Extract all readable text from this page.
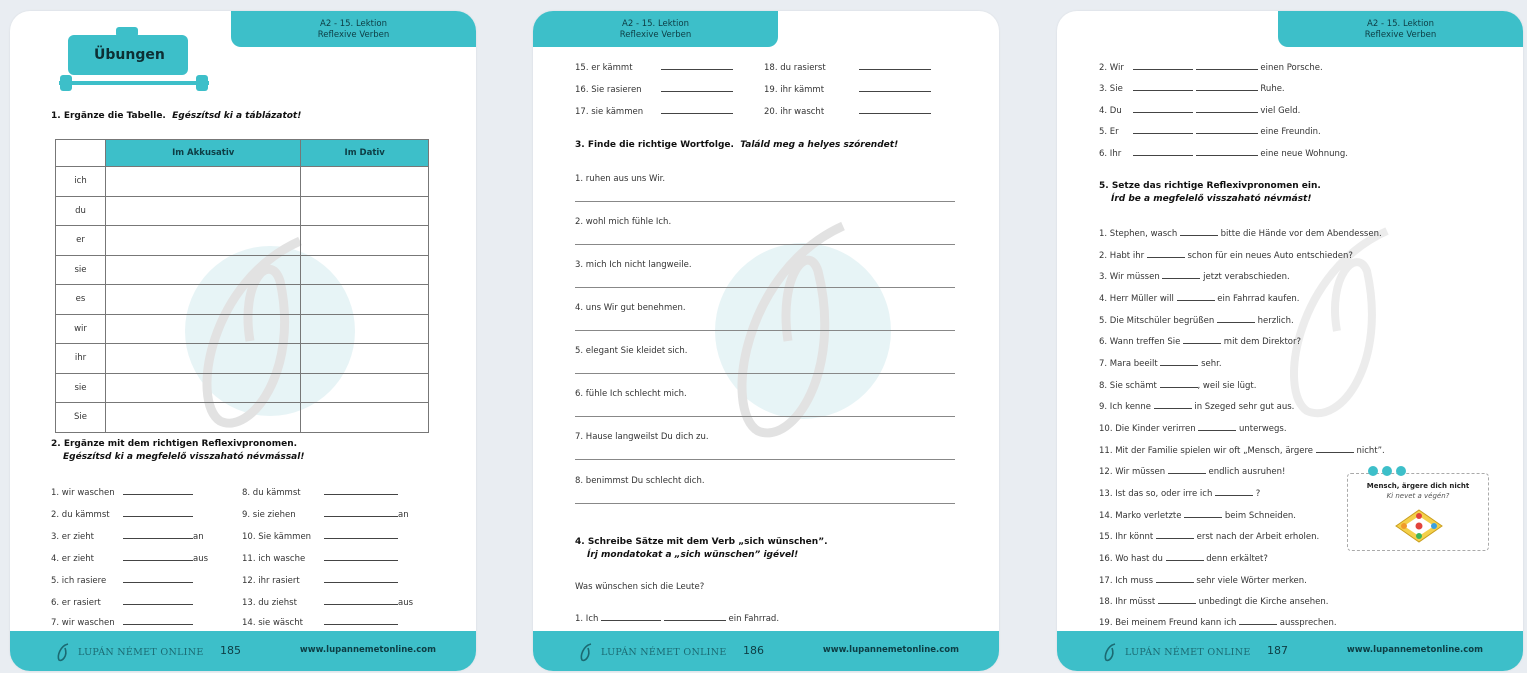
A2 - 15. Lektion
Reflexive Verben
Übungen
1. Ergänze die Tabelle. Egészítsd ki a táblázatot!
	Im Akkusativ	Im Dativ
ich		
du		
er		
sie		
es		
wir		
ihr		
sie		
Sie		
2. Ergänze mit dem richtigen Reflexivpronomen.
Egészítsd ki a megfelelő visszaható névmással!
1. wir waschen
2. du kämmst
3. er zieht	an
4. er zieht	aus
5. ich rasiere
6. er rasiert
7. wir waschen
8. du kämmst
9. sie ziehen	an
10. Sie kämmen
11. ich wasche
12. ihr rasiert
13. du ziehst	aus
14. sie wäscht
LUPÁN NÉMET ONLINE 185	www.lupannemetonline.com
A2 - 15. Lektion
Reflexive Verben
15. er kämmt
16. Sie rasieren
17. sie kämmen
18. du rasierst
19. ihr kämmt
20. ihr wascht
3. Finde die richtige Wortfolge. Találd meg a helyes szórendet!
1. ruhen aus uns Wir.
2. wohl mich fühle Ich.
3. mich Ich nicht langweile.
4. uns Wir gut benehmen.
5. elegant Sie kleidet sich.
6. fühle Ich schlecht mich.
7. Hause langweilst Du dich zu.
8. benimmst Du schlecht dich.
4. Schreibe Sätze mit dem Verb „sich wünschen”.
Írj mondatokat a „sich wünschen” igével!
Was wünschen sich die Leute?
1. Ich	ein Fahrrad.
LUPÁN NÉMET ONLINE 186	www.lupannemetonline.com
A2 - 15. Lektion
Reflexive Verben
2. Wir	einen Porsche.
3. Sie	Ruhe.
4. Du	viel Geld.
5. Er	eine Freundin.
6. Ihr	eine neue Wohnung.
5. Setze das richtige Reflexivpronomen ein.
Írd be a megfelelő visszaható névmást!
1. Stephen, wasch	bitte die Hände vor dem Abendessen.
2. Habt ihr	schon für ein neues Auto entschieden?
3. Wir müssen	jetzt verabschieden.
4. Herr Müller will	ein Fahrrad kaufen.
5. Die Mitschüler begrüßen	herzlich.
6. Wann treffen Sie	mit dem Direktor?
7. Mara beeilt	sehr.
8. Sie schämt	, weil sie lügt.
9. Ich kenne	in Szeged sehr gut aus.
10. Die Kinder verirren	unterwegs.
11. Mit der Familie spielen wir oft „Mensch, ärgere	nicht”.
12. Wir müssen	endlich ausruhen!
13. Ist das so, oder irre ich	?
14. Marko verletzte	beim Schneiden.
15. Ihr könnt	erst nach der Arbeit erholen.
16. Wo hast du	denn erkältet?
17. Ich muss	sehr viele Wörter merken.
18. Ihr müsst	unbedingt die Kirche ansehen.
19. Bei meinem Freund kann ich	aussprechen.
Mensch, ärgere dich nicht
Ki nevet a végén?
LUPÁN NÉMET ONLINE 187	www.lupannemetonline.com
